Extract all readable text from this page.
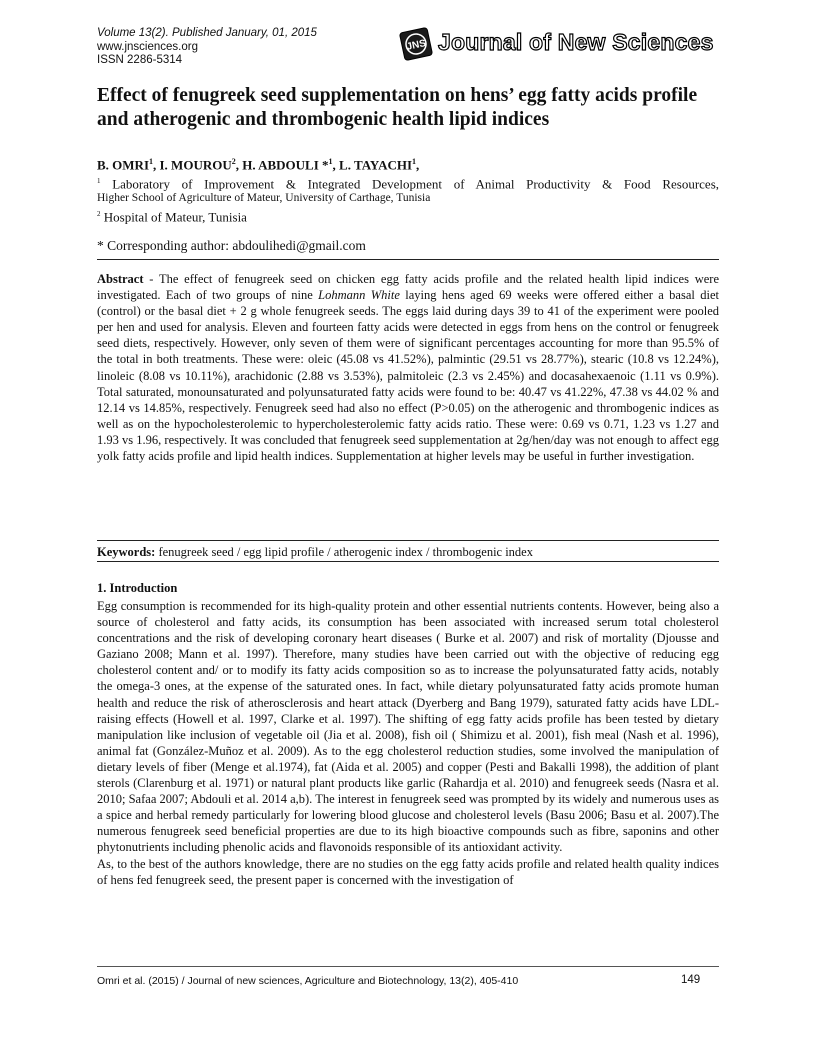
Volume 13(2). Published January, 01, 2015
www.jnsciences.org
ISSN 2286-5314
JNS Journal of New Sciences
Effect of fenugreek seed supplementation on hens’ egg fatty acids profile and atherogenic and thrombogenic health lipid indices
B. OMRI$^1$, I. MOUROU$^2$, H. ABDOULI *$^1$, L. TAYACHI$^1$,
$^1$ Laboratory of Improvement & Integrated Development of Animal Productivity & Food Resources,
Higher School of Agriculture of Mateur, University of Carthage, Tunisia
$^2$ Hospital of Mateur, Tunisia
* Corresponding author: abdoulihedi@gmail.com
Abstract - The effect of fenugreek seed on chicken egg fatty acids profile and the related health lipid indices were investigated. Each of two groups of nine Lohmann White laying hens aged 69 weeks were offered either a basal diet (control) or the basal diet + 2 g whole fenugreek seeds. The eggs laid during days 39 to 41 of the experiment were pooled per hen and used for analysis. Eleven and fourteen fatty acids were detected in eggs from hens on the control or fenugreek seed diets, respectively. However, only seven of them were of significant percentages accounting for more than 95.5% of the total in both treatments. These were: oleic (45.08 vs 41.52%), palmintic (29.51 vs 28.77%), stearic (10.8 vs 12.24%), linoleic (8.08 vs 10.11%), arachidonic (2.88 vs 3.53%), palmitoleic (2.3 vs 2.45%) and docasahexaenoic (1.11 vs 0.9%). Total saturated, monounsaturated and polyunsaturated fatty acids were found to be: 40.47 vs 41.22%, 47.38 vs 44.02 % and 12.14 vs 14.85%, respectively. Fenugreek seed had also no effect (P>0.05) on the atherogenic and thrombogenic indices as well as on the hypocholesterolemic to hypercholesterolemic fatty acids ratio. These were: 0.69 vs 0.71, 1.23 vs 1.27 and 1.93 vs 1.96, respectively. It was concluded that fenugreek seed supplementation at 2g/hen/day was not enough to affect egg yolk fatty acids profile and lipid health indices. Supplementation at higher levels may be useful in further investigation.
Keywords: fenugreek seed / egg lipid profile / atherogenic index / thrombogenic index
1. Introduction

Egg consumption is recommended for its high-quality protein and other essential nutrients contents. However, being also a source of cholesterol and fatty acids, its consumption has been associated with increased serum total cholesterol concentrations and the risk of developing coronary heart diseases ( Burke et al. 2007) and risk of mortality (Djousse and Gaziano 2008; Mann et al. 1997). Therefore, many studies have been carried out with the objective of reducing egg cholesterol content and/ or to modify its fatty acids composition so as to increase the polyunsaturated fatty acids, notably the omega-3 ones, at the expense of the saturated ones. In fact, while dietary polyunsaturated fatty acids promote human health and reduce the risk of atherosclerosis and heart attack (Dyerberg and Bang 1979), saturated fatty acids have LDL-raising effects (Howell et al. 1997, Clarke et al. 1997). The shifting of egg fatty acids profile has been tested by dietary manipulation like inclusion of vegetable oil (Jia et al. 2008), fish oil ( Shimizu et al. 2001), fish meal (Nash et al. 1996), animal fat (González-Muñoz et al. 2009). As to the egg cholesterol reduction studies, some involved the manipulation of dietary levels of fiber (Menge et al.1974), fat (Aida et al. 2005) and copper (Pesti and Bakalli 1998), the addition of plant sterols (Clarenburg et al. 1971) or natural plant products like garlic (Rahardja et al. 2010) and fenugreek seeds (Nasra et al. 2010; Safaa 2007; Abdouli et al. 2014 a,b). The interest in fenugreek seed was prompted by its widely and numerous uses as a spice and herbal remedy particularly for lowering blood glucose and cholesterol levels (Basu 2006; Basu et al. 2007).The numerous fenugreek seed beneficial properties are due to its high bioactive compounds such as fibre, saponins and other phytonutrients including phenolic acids and flavonoids responsible of its antioxidant activity.

As, to the best of the authors knowledge, there are no studies on the egg fatty acids profile and related health quality indices of hens fed fenugreek seed, the present paper is concerned with the investigation of

Omri et al. (2015) / Journal of new sciences, Agriculture and Biotechnology, 13(2), 405-410	149
